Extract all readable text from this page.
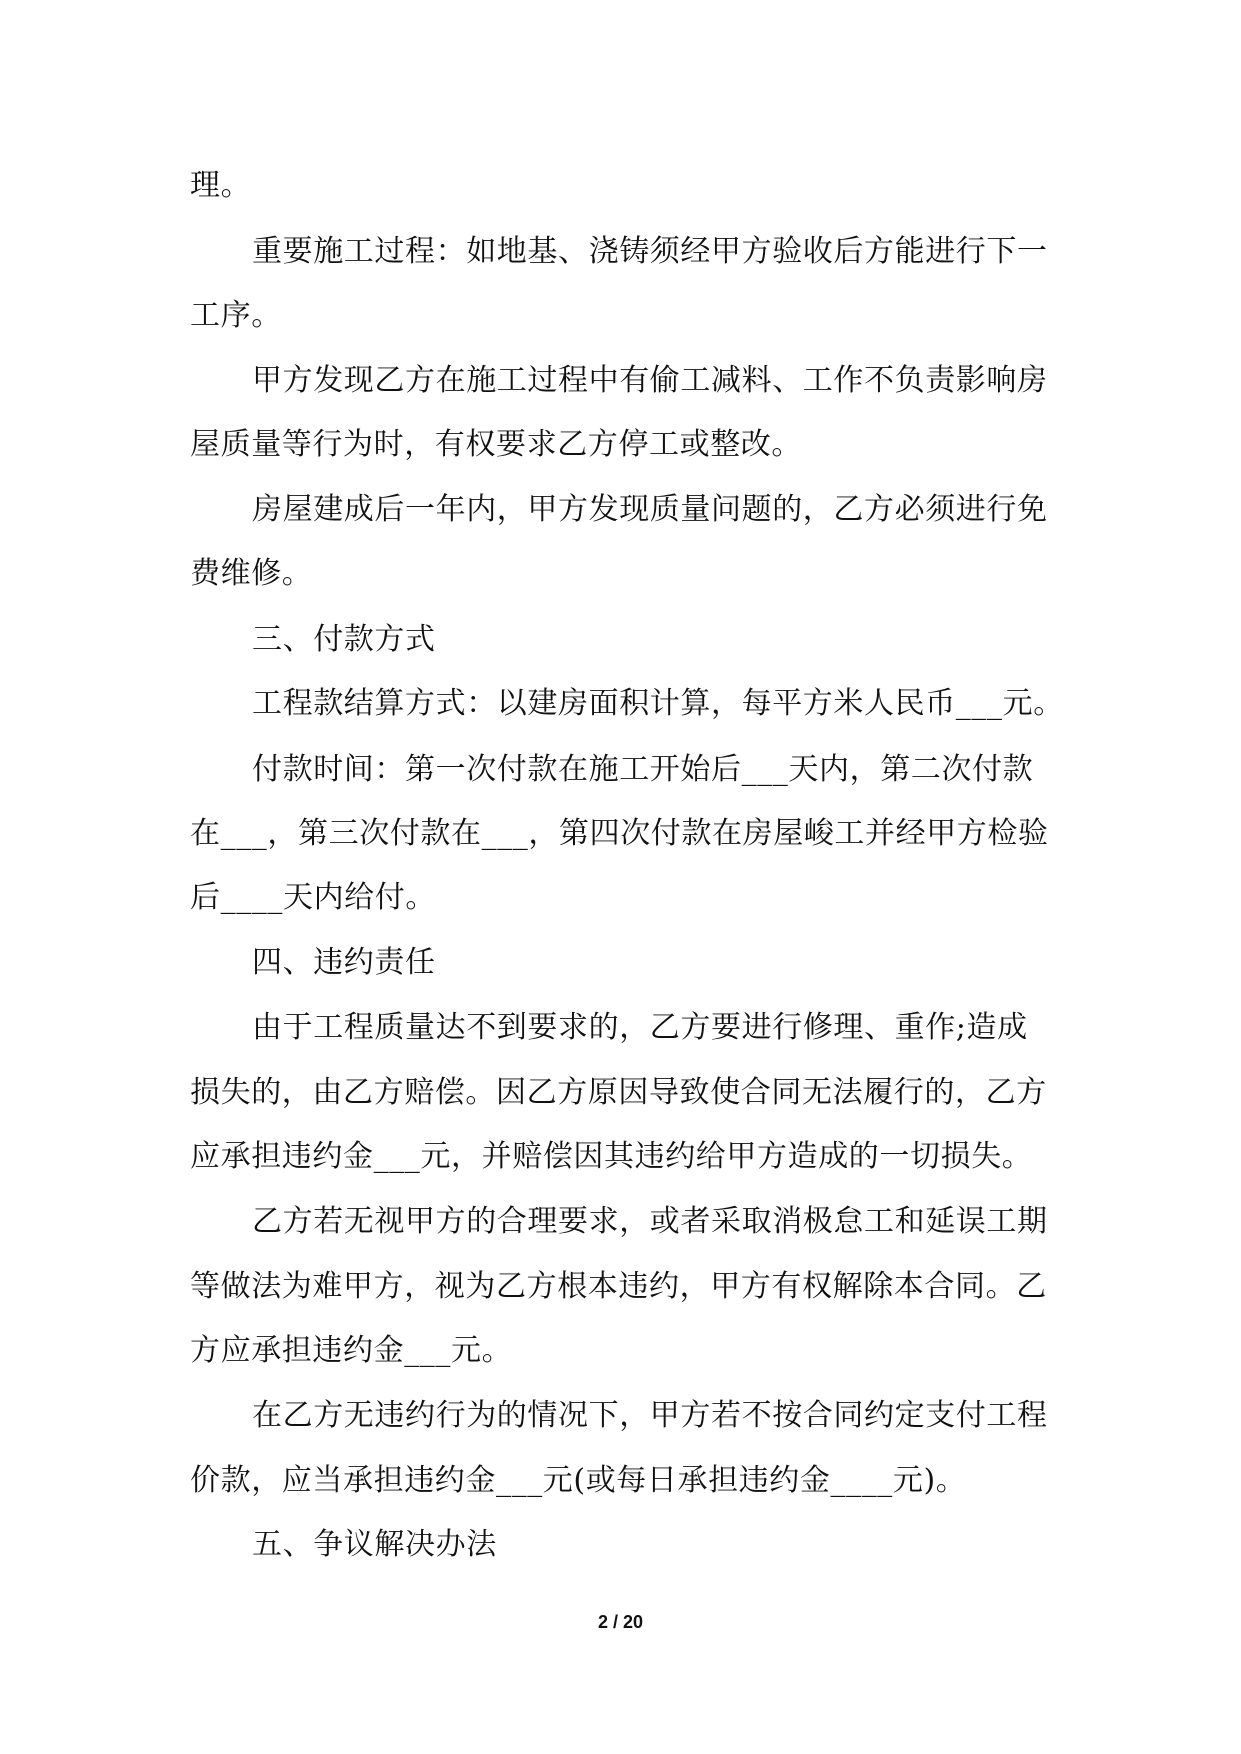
理。
重要施工过程：如地基、浇铸须经甲方验收后方能进行下一
工序。
甲方发现乙方在施工过程中有偷工减料、工作不负责影响房
屋质量等行为时，有权要求乙方停工或整改。
房屋建成后一年内，甲方发现质量问题的，乙方必须进行免
费维修。
三、付款方式
工程款结算方式：以建房面积计算，每平方米人民币___元。
付款时间：第一次付款在施工开始后___天内，第二次付款
在___，第三次付款在___，第四次付款在房屋峻工并经甲方检验
后____天内给付。
四、违约责任
由于工程质量达不到要求的，乙方要进行修理、重作;造成
损失的，由乙方赔偿。因乙方原因导致使合同无法履行的，乙方
应承担违约金___元，并赔偿因其违约给甲方造成的一切损失。
乙方若无视甲方的合理要求，或者采取消极怠工和延误工期
等做法为难甲方，视为乙方根本违约，甲方有权解除本合同。乙
方应承担违约金___元。
在乙方无违约行为的情况下，甲方若不按合同约定支付工程
价款，应当承担违约金___元(或每日承担违约金____元)。
五、争议解决办法
2 / 20
